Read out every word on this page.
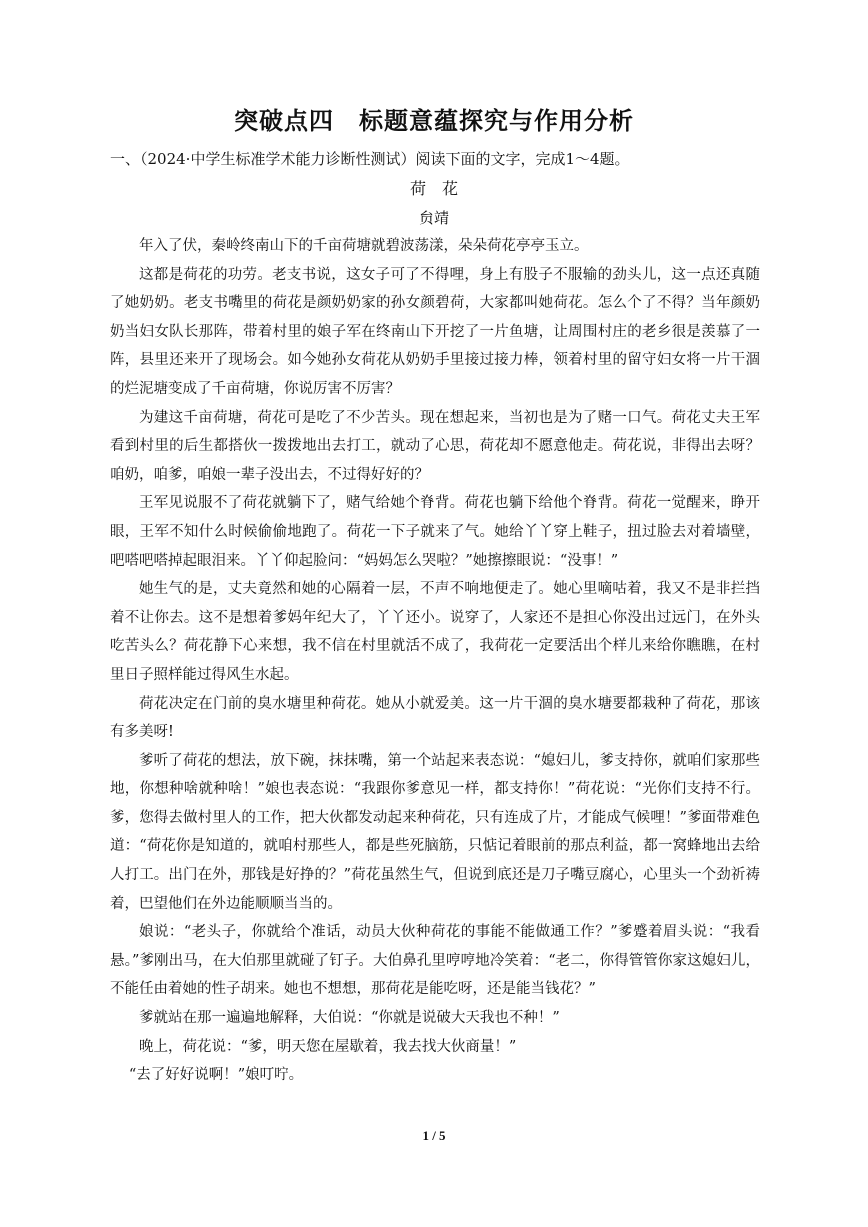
突破点四　标题意蕴探究与作用分析
一、（2024·中学生标准学术能力诊断性测试）阅读下面的文字，完成1～4题。
荷　花
贠靖

年入了伏，秦岭终南山下的千亩荷塘就碧波荡漾，朵朵荷花亭亭玉立。

这都是荷花的功劳。老支书说，这女子可了不得哩，身上有股子不服输的劲头儿，这一点还真随了她奶奶。老支书嘴里的荷花是颜奶奶家的孙女颜碧荷，大家都叫她荷花。怎么个了不得？当年颜奶奶当妇女队长那阵，带着村里的娘子军在终南山下开挖了一片鱼塘，让周围村庄的老乡很是羡慕了一阵，县里还来开了现场会。如今她孙女荷花从奶奶手里接过接力棒，领着村里的留守妇女将一片干涸的烂泥塘变成了千亩荷塘，你说厉害不厉害？

为建这千亩荷塘，荷花可是吃了不少苦头。现在想起来，当初也是为了赌一口气。荷花丈夫王军看到村里的后生都搭伙一拨拨地出去打工，就动了心思，荷花却不愿意他走。荷花说，非得出去呀？咱奶，咱爹，咱娘一辈子没出去，不过得好好的？

王军见说服不了荷花就躺下了，赌气给她个脊背。荷花也躺下给他个脊背。荷花一觉醒来，睁开眼，王军不知什么时候偷偷地跑了。荷花一下子就来了气。她给丫丫穿上鞋子，扭过脸去对着墙壁，吧嗒吧嗒掉起眼泪来。丫丫仰起脸问：“妈妈怎么哭啦？”她擦擦眼说：“没事！”

她生气的是，丈夫竟然和她的心隔着一层，不声不响地便走了。她心里嘀咕着，我又不是非拦挡着不让你去。这不是想着爹妈年纪大了，丫丫还小。说穿了，人家还不是担心你没出过远门，在外头吃苦头么？荷花静下心来想，我不信在村里就活不成了，我荷花一定要活出个样儿来给你瞧瞧，在村里日子照样能过得风生水起。

荷花决定在门前的臭水塘里种荷花。她从小就爱美。这一片干涸的臭水塘要都栽种了荷花，那该有多美呀!

爹听了荷花的想法，放下碗，抹抹嘴，第一个站起来表态说：“媳妇儿，爹支持你，就咱们家那些地，你想种啥就种啥！”娘也表态说：“我跟你爹意见一样，都支持你！”荷花说：“光你们支持不行。爹，您得去做村里人的工作，把大伙都发动起来种荷花，只有连成了片，才能成气候哩！”爹面带难色道：“荷花你是知道的，就咱村那些人，都是些死脑筋，只惦记着眼前的那点利益，都一窝蜂地出去给人打工。出门在外，那钱是好挣的？”荷花虽然生气，但说到底还是刀子嘴豆腐心，心里头一个劲祈祷着，巴望他们在外边能顺顺当当的。

娘说：“老头子，你就给个准话，动员大伙种荷花的事能不能做通工作？”爹蹙着眉头说：“我看悬。”爹刚出马，在大伯那里就碰了钉子。大伯鼻孔里哼哼地冷笑着：“老二，你得管管你家这媳妇儿，不能任由着她的性子胡来。她也不想想，那荷花是能吃呀，还是能当钱花？”

爹就站在那一遍遍地解释，大伯说：“你就是说破大天我也不种！”

晚上，荷花说：“爹，明天您在屋歇着，我去找大伙商量！”

“去了好好说啊！”娘叮咛。

1 / 5
